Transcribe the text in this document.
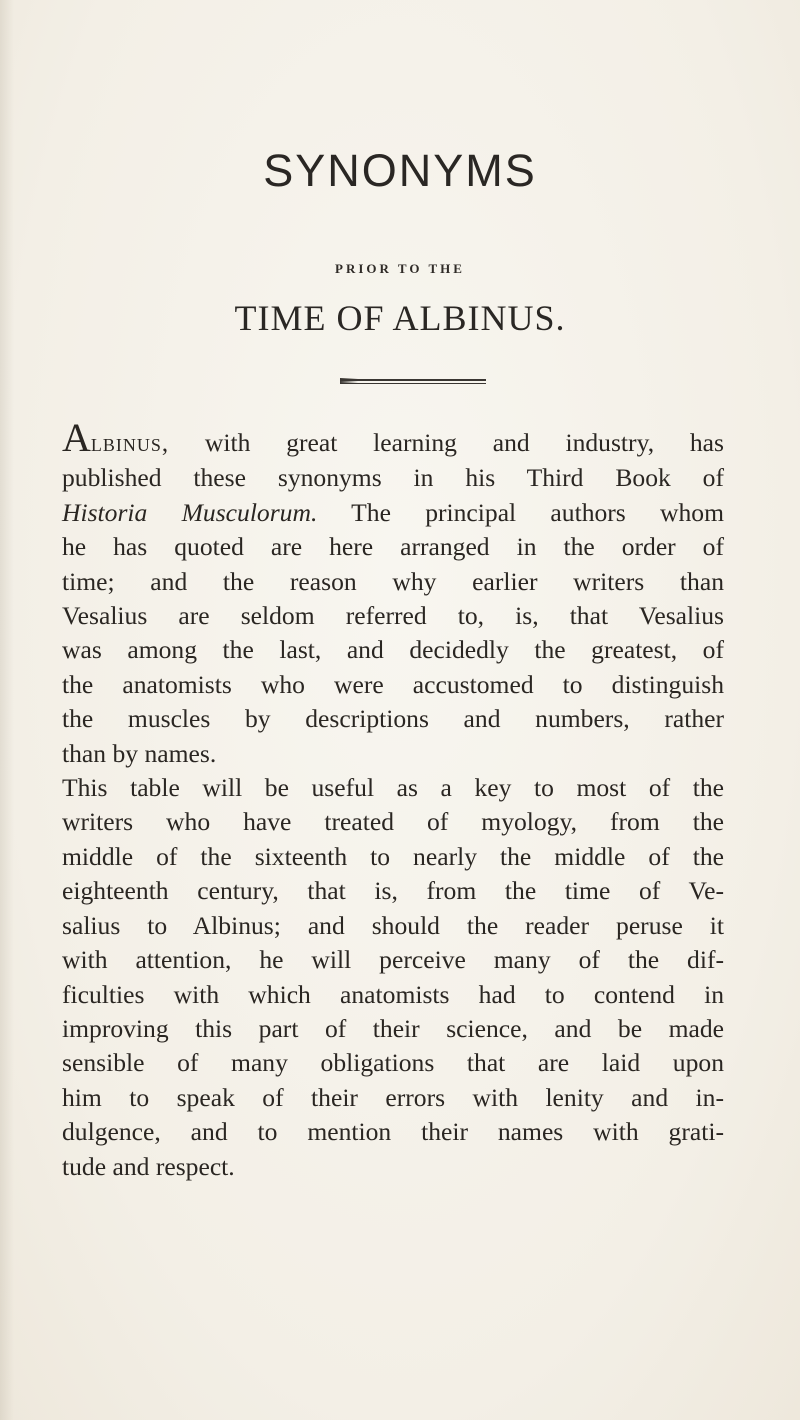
SYNONYMS
PRIOR TO THE
TIME OF ALBINUS.

Albinus, with great learning and industry, has
published these synonyms in his Third Book of
Historia Musculorum. The principal authors whom
he has quoted are here arranged in the order of
time; and the reason why earlier writers than
Vesalius are seldom referred to, is, that Vesalius
was among the last, and decidedly the greatest, of
the anatomists who were accustomed to distinguish
the muscles by descriptions and numbers, rather
than by names.

This table will be useful as a key to most of the
writers who have treated of myology, from the
middle of the sixteenth to nearly the middle of the
eighteenth century, that is, from the time of Ve-
salius to Albinus; and should the reader peruse it
with attention, he will perceive many of the dif-
ficulties with which anatomists had to contend in
improving this part of their science, and be made
sensible of many obligations that are laid upon
him to speak of their errors with lenity and in-
dulgence, and to mention their names with grati-
tude and respect.
